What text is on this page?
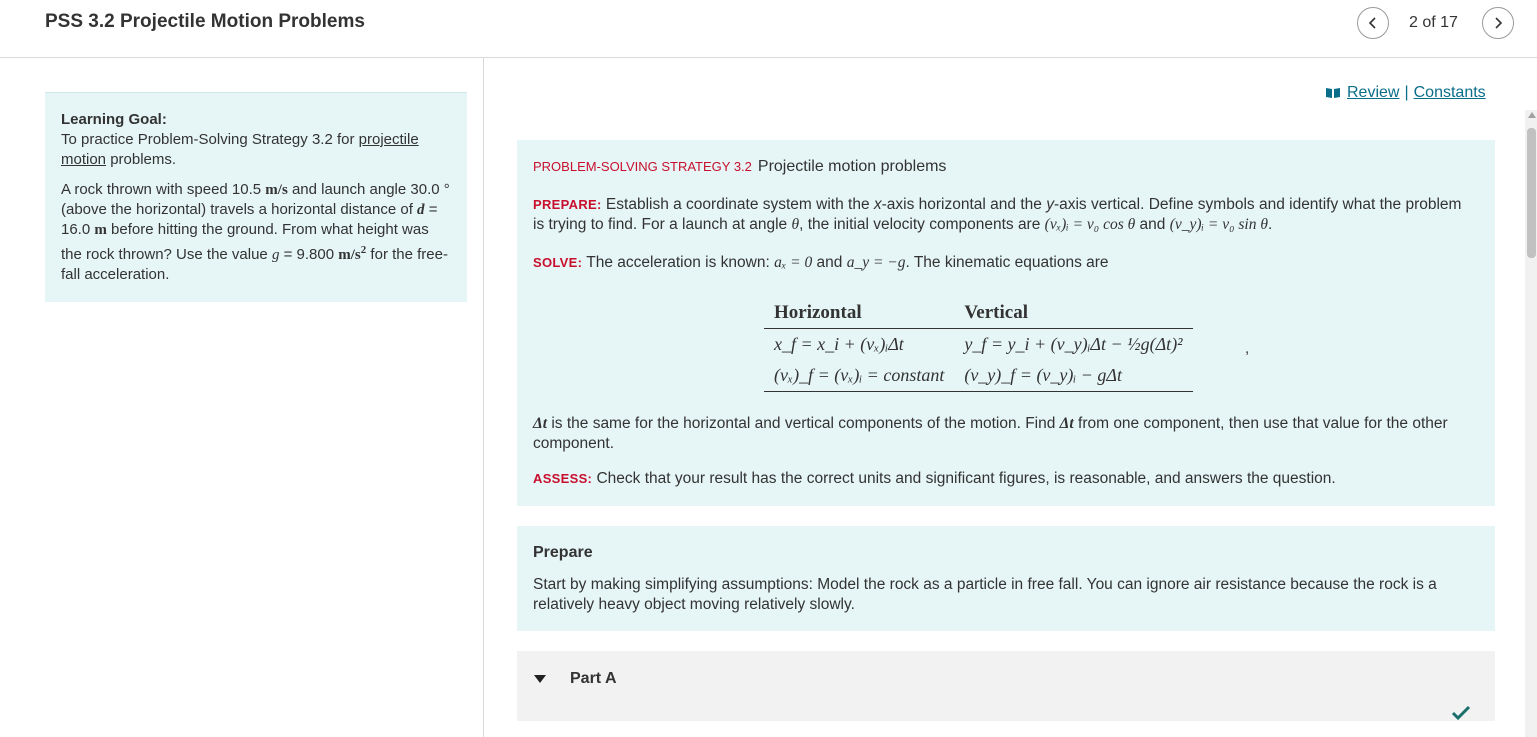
PSS 3.2 Projectile Motion Problems	2 of 17
Learning Goal:
To practice Problem-Solving Strategy 3.2 for projectile motion problems.
A rock thrown with speed 10.5 m/s and launch angle 30.0 ° (above the horizontal) travels a horizontal distance of d = 16.0 m before hitting the ground. From what height was the rock thrown? Use the value g = 9.800 $m/s^2$ for the free-fall acceleration.
Review | Constants
PROBLEM-SOLVING STRATEGY 3.2 Projectile motion problems
PREPARE: Establish a coordinate system with the x-axis horizontal and the y-axis vertical. Define symbols and identify what the problem is trying to find. For a launch at angle θ, the initial velocity components are (vₓ)ᵢ = v₀ cos θ and (v_y)ᵢ = v₀ sin θ.
SOLVE: The acceleration is known: aₓ = 0 and a_y = −g. The kinematic equations are
Horizontal	Vertical
x_f = x_i + (vₓ)ᵢΔt	y_f = y_i + (v_y)ᵢΔt − ½g(Δt)²
(vₓ)_f = (vₓ)ᵢ = constant	(v_y)_f = (v_y)ᵢ − gΔt
,
Δt is the same for the horizontal and vertical components of the motion. Find Δt from one component, then use that value for the other component.
ASSESS: Check that your result has the correct units and significant figures, is reasonable, and answers the question.
Prepare
Start by making simplifying assumptions: Model the rock as a particle in free fall. You can ignore air resistance because the rock is a relatively heavy object moving relatively slowly.
Part A
